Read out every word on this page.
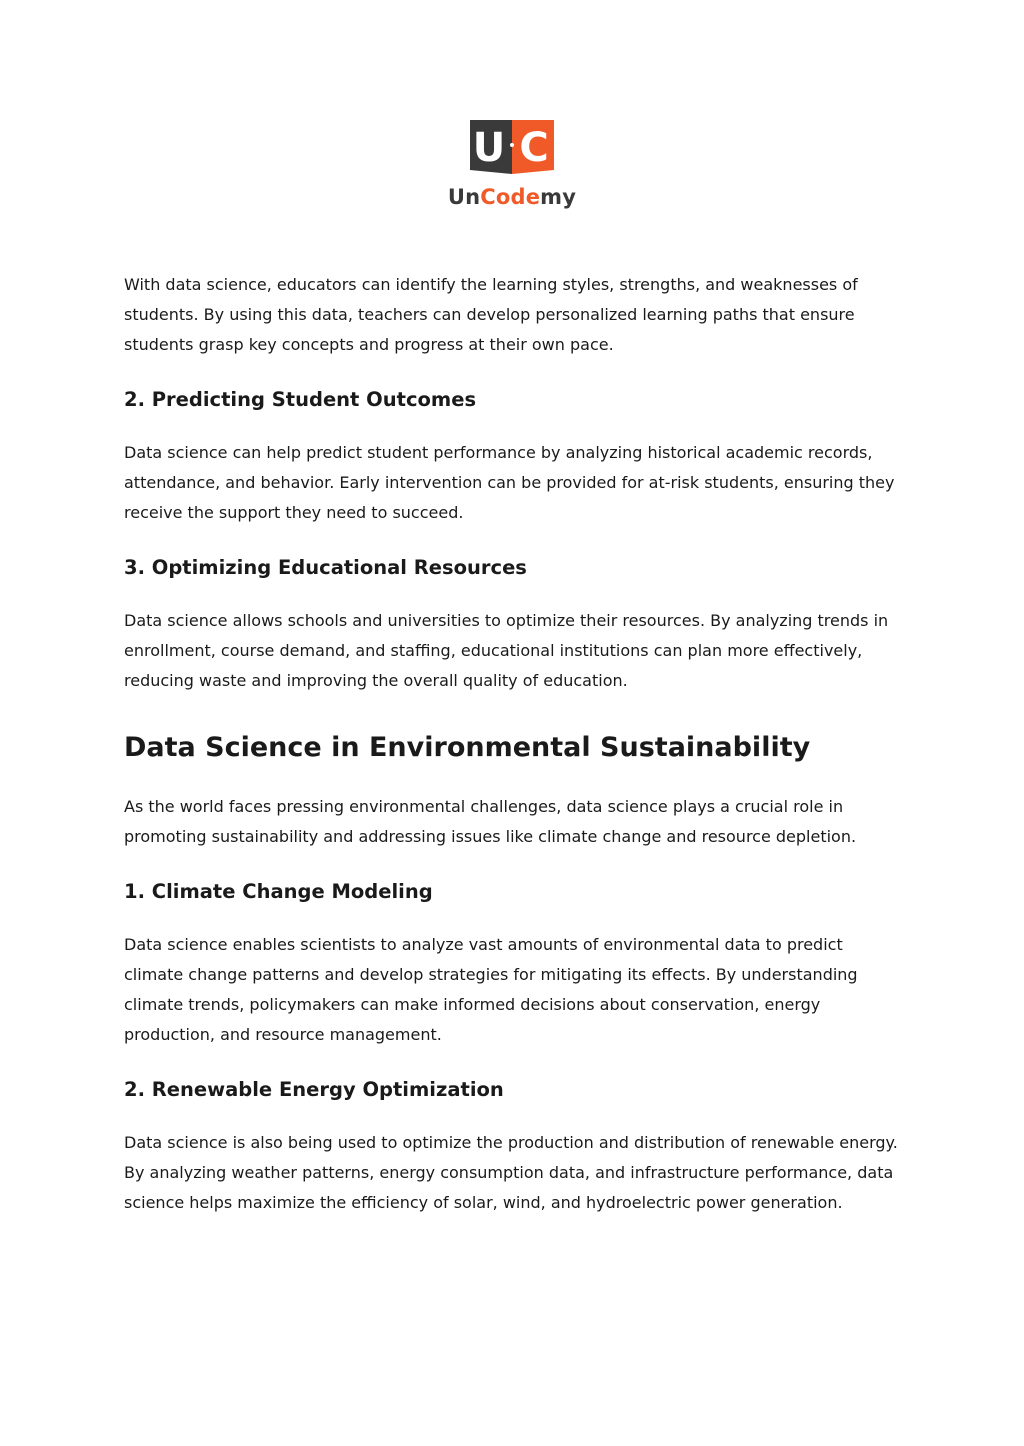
U C
UnCodemy

With data science, educators can identify the learning styles, strengths, and weaknesses of students. By using this data, teachers can develop personalized learning paths that ensure students grasp key concepts and progress at their own pace.

2. Predicting Student Outcomes

Data science can help predict student performance by analyzing historical academic records, attendance, and behavior. Early intervention can be provided for at-risk students, ensuring they receive the support they need to succeed.

3. Optimizing Educational Resources

Data science allows schools and universities to optimize their resources. By analyzing trends in enrollment, course demand, and staffing, educational institutions can plan more effectively, reducing waste and improving the overall quality of education.

Data Science in Environmental Sustainability

As the world faces pressing environmental challenges, data science plays a crucial role in promoting sustainability and addressing issues like climate change and resource depletion.

1. Climate Change Modeling

Data science enables scientists to analyze vast amounts of environmental data to predict climate change patterns and develop strategies for mitigating its effects. By understanding climate trends, policymakers can make informed decisions about conservation, energy production, and resource management.

2. Renewable Energy Optimization

Data science is also being used to optimize the production and distribution of renewable energy. By analyzing weather patterns, energy consumption data, and infrastructure performance, data science helps maximize the efficiency of solar, wind, and hydroelectric power generation.
